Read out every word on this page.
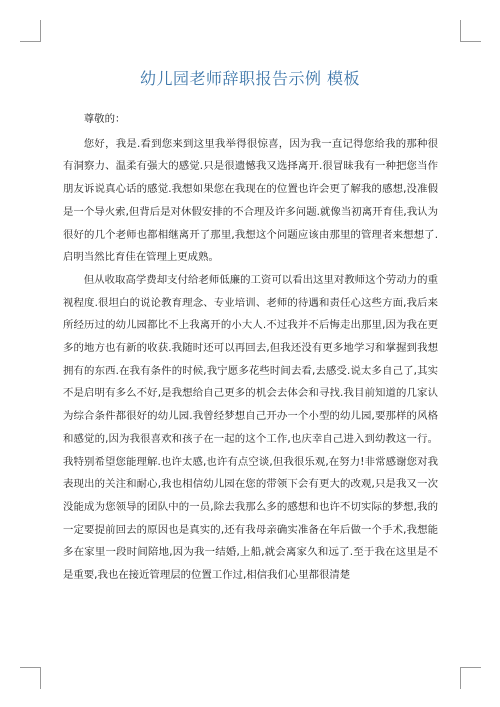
幼儿园老师辞职报告示例 模板

尊敬的：

您好，我是.看到您来到这里我举得很惊喜，因为我一直记得您给我的那种很有洞察力、温柔有强大的感觉.只是很遗憾我又选择离开.很冒昧我有一种把您当作朋友诉说真心话的感觉.我想如果您在我现在的位置也许会更了解我的感想,没准假是一个导火索,但背后是对休假安排的不合理及许多问题.就像当初离开育佳,我认为很好的几个老师也都相继离开了那里,我想这个问题应该由那里的管理者来想想了.启明当然比育佳在管理上更成熟。

但从收取高学费却支付给老师低廉的工资可以看出这里对教师这个劳动力的重视程度.很坦白的说论教育理念、专业培训、老师的待遇和责任心这些方面,我后来所经历过的幼儿园都比不上我离开的小大人.不过我并不后悔走出那里,因为我在更多的地方也有新的收获.我随时还可以再回去,但我还没有更多地学习和掌握到我想拥有的东西.在我有条件的时候,我宁愿多花些时间去看,去感受.说太多自己了,其实不是启明有多么不好,是我想给自己更多的机会去体会和寻找.我目前知道的几家认为综合条件都很好的幼儿园.我曾经梦想自己开办一个小型的幼儿园,要那样的风格和感觉的,因为我很喜欢和孩子在一起的这个工作,也庆幸自己进入到幼教这一行。我特别希望您能理解.也许太感,也许有点空谈,但我很乐观,在努力!非常感谢您对我表现出的关注和耐心,我也相信幼儿园在您的带领下会有更大的改观,只是我又一次没能成为您领导的团队中的一员,除去我那么多的感想和也许不切实际的梦想,我的一定要提前回去的原因也是真实的,还有我母亲确实准备在年后做一个手术,我想能多在家里一段时间陪地,因为我一结婚,上船,就会离家久和远了.至于我在这里是不是重要,我也在接近管理层的位置工作过,相信我们心里都很清楚
